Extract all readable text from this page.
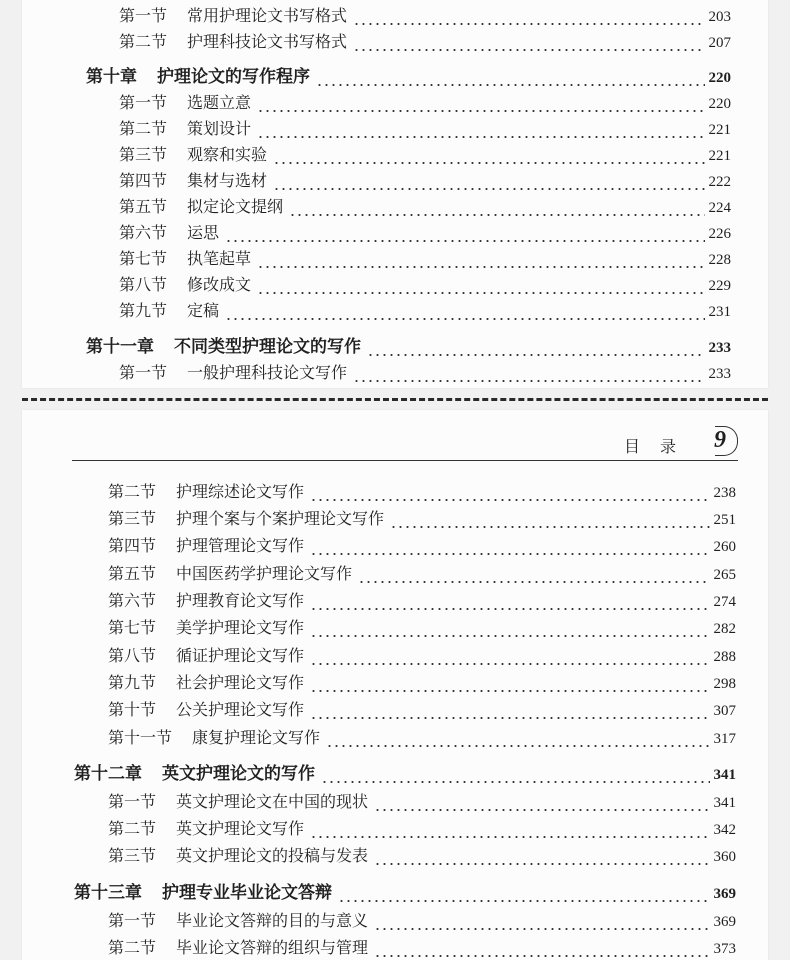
第一节 常用护理论文书写格式	203
第二节 护理科技论文书写格式	207
第十章 护理论文的写作程序	220
第一节 选题立意	220
第二节 策划设计	221
第三节 观察和实验	221
第四节 集材与选材	222
第五节 拟定论文提纲	224
第六节 运思	226
第七节 执笔起草	228
第八节 修改成文	229
第九节 定稿	231
第十一章 不同类型护理论文的写作	233
第一节 一般护理科技论文写作	233
目　录 9
第二节 护理综述论文写作	238
第三节 护理个案与个案护理论文写作	251
第四节 护理管理论文写作	260
第五节 中国医药学护理论文写作	265
第六节 护理教育论文写作	274
第七节 美学护理论文写作	282
第八节 循证护理论文写作	288
第九节 社会护理论文写作	298
第十节 公关护理论文写作	307
第十一节 康复护理论文写作	317
第十二章 英文护理论文的写作	341
第一节 英文护理论文在中国的现状	341
第二节 英文护理论文写作	342
第三节 英文护理论文的投稿与发表	360
第十三章 护理专业毕业论文答辩	369
第一节 毕业论文答辩的目的与意义	369
第二节 毕业论文答辩的组织与管理	373
